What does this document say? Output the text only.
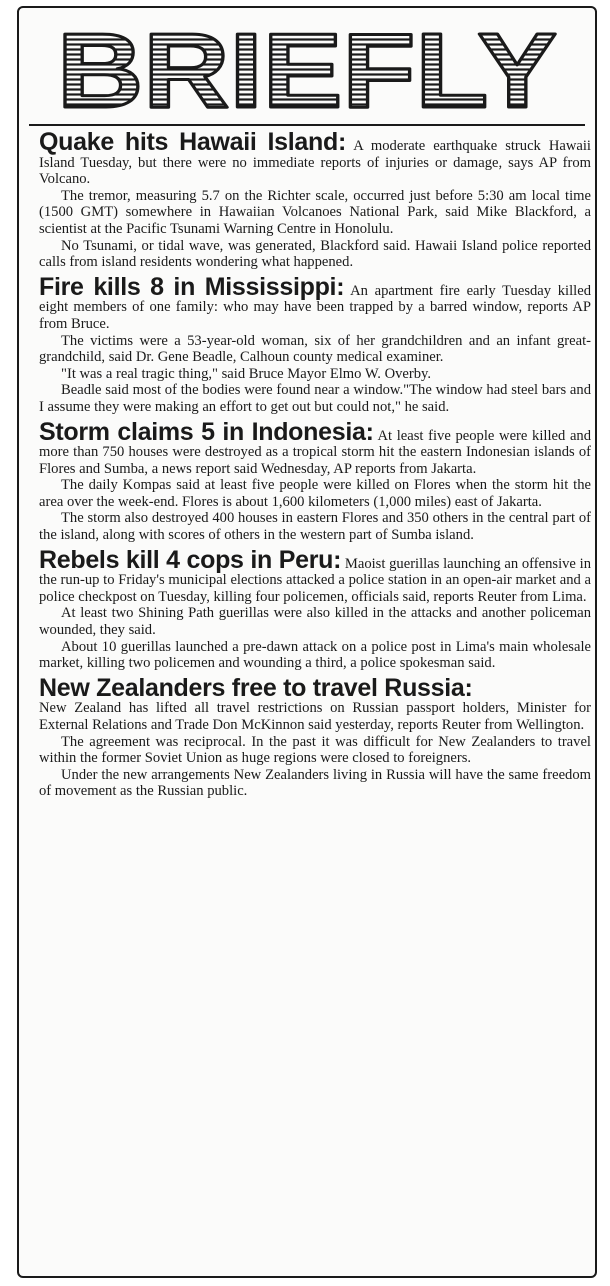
BRIEFLY

Quake hits Hawaii Island: A moderate earthquake struck Hawaii Island Tuesday, but there were no immediate reports of injuries or damage, says AP from Volcano.

The tremor, measuring 5.7 on the Richter scale, occurred just before 5:30 am local time (1500 GMT) somewhere in Hawaiian Volcanoes National Park, said Mike Blackford, a scientist at the Pacific Tsunami Warning Centre in Honolulu.

No Tsunami, or tidal wave, was generated, Blackford said. Hawaii Island police reported calls from island residents wondering what happened.

Fire kills 8 in Mississippi: An apartment fire early Tuesday killed eight members of one family: who may have been trapped by a barred window, reports AP from Bruce.

The victims were a 53-year-old woman, six of her grandchildren and an infant great-grandchild, said Dr. Gene Beadle, Calhoun county medical examiner.

"It was a real tragic thing," said Bruce Mayor Elmo W. Overby.

Beadle said most of the bodies were found near a window."The window had steel bars and I assume they were making an effort to get out but could not," he said.

Storm claims 5 in Indonesia: At least five people were killed and more than 750 houses were destroyed as a tropical storm hit the eastern Indonesian islands of Flores and Sumba, a news report said Wednesday, AP reports from Jakarta.

The daily Kompas said at least five people were killed on Flores when the storm hit the area over the week-end. Flores is about 1,600 kilometers (1,000 miles) east of Jakarta.

The storm also destroyed 400 houses in eastern Flores and 350 others in the central part of the island, along with scores of others in the western part of Sumba island.

Rebels kill 4 cops in Peru: Maoist guerillas launching an offensive in the run-up to Friday's municipal elections attacked a police station in an open-air market and a police checkpost on Tuesday, killing four policemen, officials said, reports Reuter from Lima.

At least two Shining Path guerillas were also killed in the attacks and another policeman wounded, they said.

About 10 guerillas launched a pre-dawn attack on a police post in Lima's main wholesale market, killing two policemen and wounding a third, a police spokesman said.

New Zealanders free to travel Russia:

New Zealand has lifted all travel restrictions on Russian passport holders, Minister for External Relations and Trade Don McKinnon said yesterday, reports Reuter from Wellington.

The agreement was reciprocal. In the past it was difficult for New Zealanders to travel within the former Soviet Union as huge regions were closed to foreigners.

Under the new arrangements New Zealanders living in Russia will have the same freedom of movement as the Russian public.
